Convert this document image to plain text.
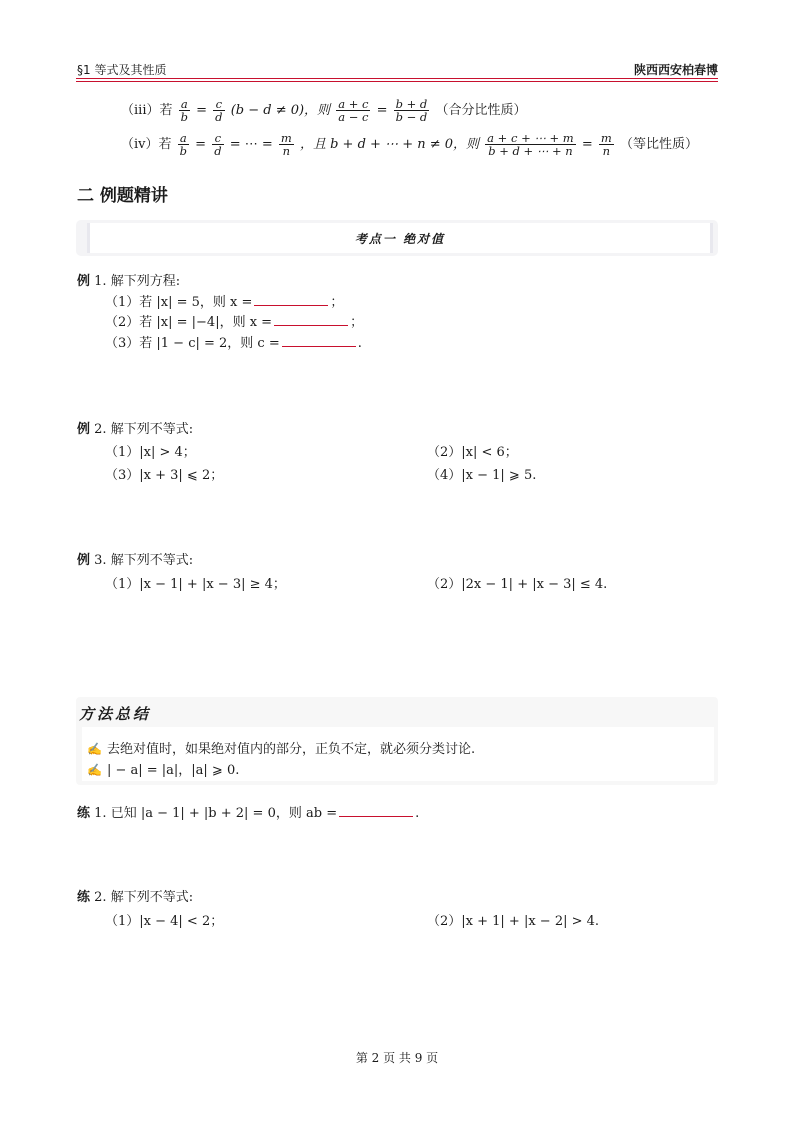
§1 等式及其性质	陕西西安柏春博
（iii）若 $\frac{a}{b} = \frac{c}{d} (b - d \ne 0)$，则 $\frac{a + c}{a - c} = \frac{b + d}{b - d}$ （合分比性质）
（iv）若 $\frac{a}{b} = \frac{c}{d}$ = ⋯ = $\frac{m}{n}$ ，且 b + d + ⋯ + n ≠ 0，则 $\frac{a + c + \cdots + m}{b + d + \cdots + n} = \frac{m}{n}$ （等比性质）
二 例题精讲
考点一 绝对值
例 1. 解下列方程:
（1）若 |x| = 5，则 x =	；
（2）若 |x| = |−4|，则 x =	；
（3）若 |1 − c| = 2，则 c =	.
例 2. 解下列不等式:
（1）|x| > 4；	（2）|x| < 6；
（3）|x + 3| ⩽ 2；	（4）|x − 1| ⩾ 5.
例 3. 解下列不等式:
（1）|x − 1| + |x − 3| ≥ 4；	（2）|2x − 1| + |x − 3| ≤ 4.
方法总结
✍ 去绝对值时，如果绝对值内的部分，正负不定，就必须分类讨论.
✍ | − a| = |a|，|a| ⩾ 0.
练 1. 已知 |a − 1| + |b + 2| = 0，则 ab =	.
练 2. 解下列不等式:
（1）|x − 4| < 2；	（2）|x + 1| + |x − 2| > 4.
第 2 页 共 9 页
